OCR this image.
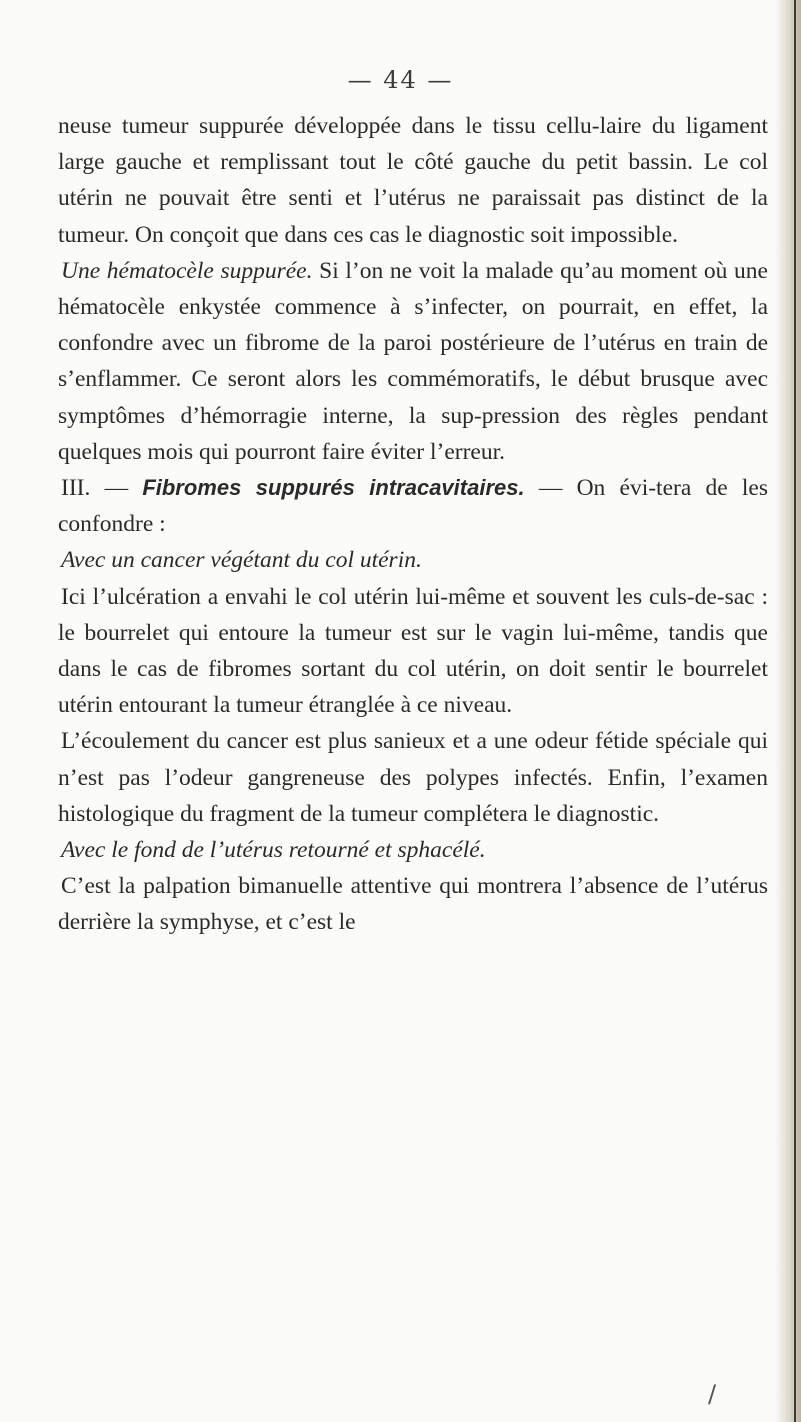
— 44 —

neuse tumeur suppurée développée dans le tissu cellu-laire du ligament large gauche et remplissant tout le côté gauche du petit bassin. Le col utérin ne pouvait être senti et l’utérus ne paraissait pas distinct de la tumeur. On conçoit que dans ces cas le diagnostic soit impossible.

Une hématocèle suppurée. Si l’on ne voit la malade qu’au moment où une hématocèle enkystée commence à s’infecter, on pourrait, en effet, la confondre avec un fibrome de la paroi postérieure de l’utérus en train de s’enflammer. Ce seront alors les commémoratifs, le début brusque avec symptômes d’hémorragie interne, la sup-pression des règles pendant quelques mois qui pourront faire éviter l’erreur.

III. — Fibromes suppurés intracavitaires. — On évi-tera de les confondre :

Avec un cancer végétant du col utérin.

Ici l’ulcération a envahi le col utérin lui-même et souvent les culs-de-sac : le bourrelet qui entoure la tumeur est sur le vagin lui-même, tandis que dans le cas de fibromes sortant du col utérin, on doit sentir le bourrelet utérin entourant la tumeur étranglée à ce niveau.

L’écoulement du cancer est plus sanieux et a une odeur fétide spéciale qui n’est pas l’odeur gangreneuse des polypes infectés. Enfin, l’examen histologique du fragment de la tumeur complétera le diagnostic.

Avec le fond de l’utérus retourné et sphacélé.

C’est la palpation bimanuelle attentive qui montrera l’absence de l’utérus derrière la symphyse, et c’est le

/
